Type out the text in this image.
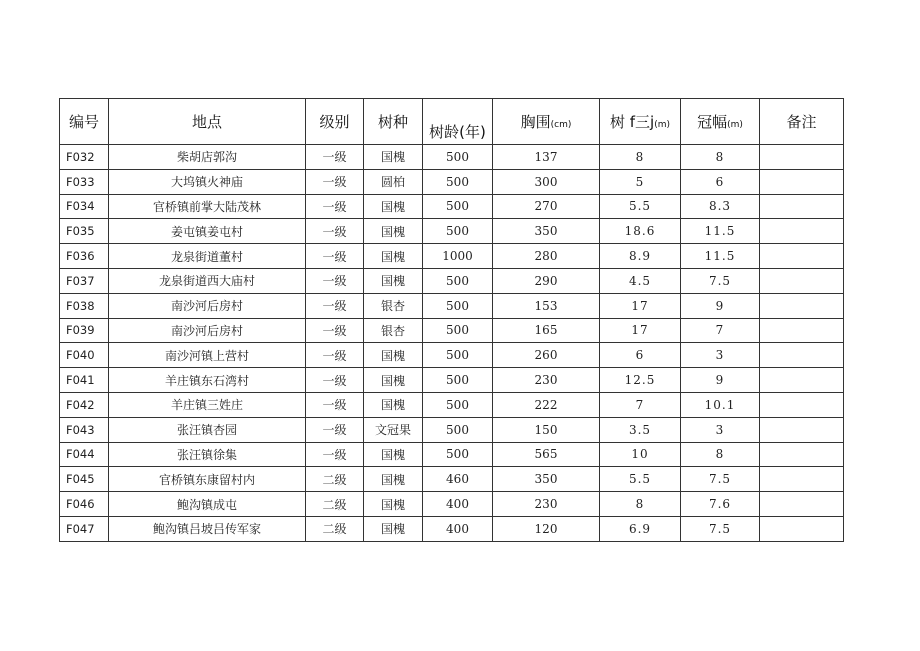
编号	地点	级别	树种	树龄(年)	胸围(cm)	树 f三j(m)	冠幅(m)	备注
F032	柴胡店郭沟	一级	国槐	500	137	8	8	
F033	大坞镇火神庙	一级	圆柏	500	300	5	6	
F034	官桥镇前掌大陆茂林	一级	国槐	500	270	5.5	8.3	
F035	姜屯镇姜屯村	一级	国槐	500	350	18.6	11.5	
F036	龙泉街道董村	一级	国槐	1000	280	8.9	11.5	
F037	龙泉街道西大庙村	一级	国槐	500	290	4.5	7.5	
F038	南沙河后房村	一级	银杏	500	153	17	9	
F039	南沙河后房村	一级	银杏	500	165	17	7	
F040	南沙河镇上营村	一级	国槐	500	260	6	3	
F041	羊庄镇东石湾村	一级	国槐	500	230	12.5	9	
F042	羊庄镇三姓庄	一级	国槐	500	222	7	10.1	
F043	张汪镇杏园	一级	文冠果	500	150	3.5	3	
F044	张汪镇徐集	一级	国槐	500	565	10	8	
F045	官桥镇东康留村内	二级	国槐	460	350	5.5	7.5	
F046	鲍沟镇成屯	二级	国槐	400	230	8	7.6	
F047	鲍沟镇吕坡吕传军家	二级	国槐	400	120	6.9	7.5	
